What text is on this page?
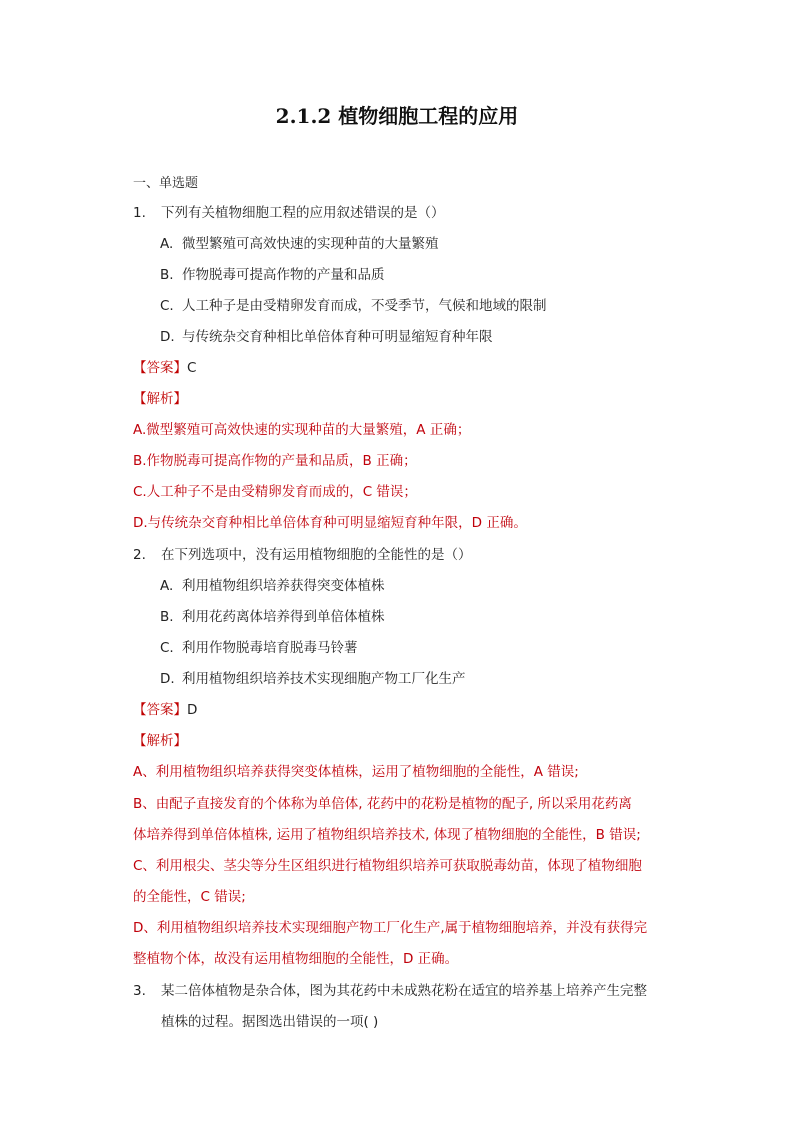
2.1.2 植物细胞工程的应用
一、单选题
1. 下列有关植物细胞工程的应用叙述错误的是（）
A. 微型繁殖可高效快速的实现种苗的大量繁殖
B. 作物脱毒可提高作物的产量和品质
C. 人工种子是由受精卵发育而成，不受季节，气候和地域的限制
D. 与传统杂交育种相比单倍体育种可明显缩短育种年限
【答案】C
【解析】
A.微型繁殖可高效快速的实现种苗的大量繁殖，A 正确；
B.作物脱毒可提高作物的产量和品质，B 正确；
C.人工种子不是由受精卵发育而成的，C 错误；
D.与传统杂交育种相比单倍体育种可明显缩短育种年限，D 正确。
2. 在下列选项中，没有运用植物细胞的全能性的是（）
A. 利用植物组织培养获得突变体植株
B. 利用花药离体培养得到单倍体植株
C. 利用作物脱毒培育脱毒马铃薯
D. 利用植物组织培养技术实现细胞产物工厂化生产
【答案】D
【解析】
A、利用植物组织培养获得突变体植株，运用了植物细胞的全能性，A 错误;
B、由配子直接发育的个体称为单倍体, 花药中的花粉是植物的配子, 所以采用花药离
体培养得到单倍体植株, 运用了植物组织培养技术, 体现了植物细胞的全能性，B 错误;
C、利用根尖、茎尖等分生区组织进行植物组织培养可获取脱毒幼苗，体现了植物细胞
的全能性，C 错误;
D、利用植物组织培养技术实现细胞产物工厂化生产,属于植物细胞培养，并没有获得完
整植物个体，故没有运用植物细胞的全能性，D 正确。
3. 某二倍体植物是杂合体，图为其花药中未成熟花粉在适宜的培养基上培养产生完整
植株的过程。据图选出错误的一项( )
